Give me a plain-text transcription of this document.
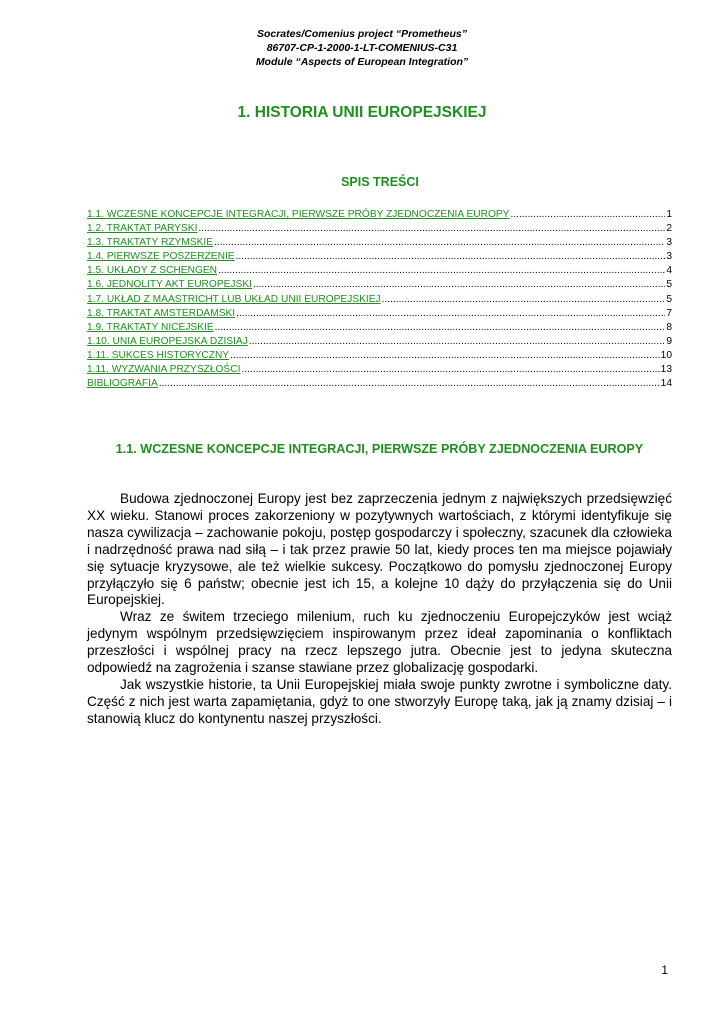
Socrates/Comenius project “Prometheus”
86707-CP-1-2000-1-LT-COMENIUS-C31
Module “Aspects of European Integration”
1. HISTORIA UNII EUROPEJSKIEJ
SPIS TREŚCI
1.1. WCZESNE KONCEPCJE INTEGRACJI, PIERWSZE PRÓBY ZJEDNOCZENIA EUROPY .....	1
1.2. TRAKTAT PARYSKI .....	2
1.3. TRAKTATY RZYMSKIE .....	3
1.4. PIERWSZE POSZERZENIE .....	3
1.5. UKŁADY Z SCHENGEN .....	4
1.6. JEDNOLITY AKT EUROPEJSKI .....	5
1.7. UKŁAD Z MAASTRICHT LUB UKŁAD UNII EUROPEJSKIEJ .....	5
1.8. TRAKTAT AMSTERDAMSKI .....	7
1.9. TRAKTATY NICEJSKIE .....	8
1.10. UNIA EUROPEJSKA DZISIAJ .....	9
1.11. SUKCES HISTORYCZNY .....	10
1.11. WYZWANIA PRZYSZŁOŚCI .....	13
BIBLIOGRAFIA .....	14
1.1. WCZESNE KONCEPCJE INTEGRACJI, PIERWSZE PRÓBY ZJEDNOCZENIA EUROPY

Budowa zjednoczonej Europy jest bez zaprzeczenia jednym z największych przedsięwzięć XX wieku. Stanowi proces zakorzeniony w pozytywnych wartościach, z którymi identyfikuje się nasza cywilizacja – zachowanie pokoju, postęp gospodarczy i społeczny, szacunek dla człowieka i nadrzędność prawa nad siłą – i tak przez prawie 50 lat, kiedy proces ten ma miejsce pojawiały się sytuacje kryzysowe, ale też wielkie sukcesy. Początkowo do pomysłu zjednoczonej Europy przyłączyło się 6 państw; obecnie jest ich 15, a kolejne 10 dąży do przyłączenia się do Unii Europejskiej.

Wraz ze świtem trzeciego milenium, ruch ku zjednoczeniu Europejczyków jest wciąż jedynym wspólnym przedsięwzięciem inspirowanym przez ideał zapominania o konfliktach przeszłości i wspólnej pracy na rzecz lepszego jutra. Obecnie jest to jedyna skuteczna odpowiedź na zagrożenia i szanse stawiane przez globalizację gospodarki.

Jak wszystkie historie, ta Unii Europejskiej miała swoje punkty zwrotne i symboliczne daty. Część z nich jest warta zapamiętania, gdyż to one stworzyły Europę taką, jak ją znamy dzisiaj – i stanowią klucz do kontynentu naszej przyszłości.

1
